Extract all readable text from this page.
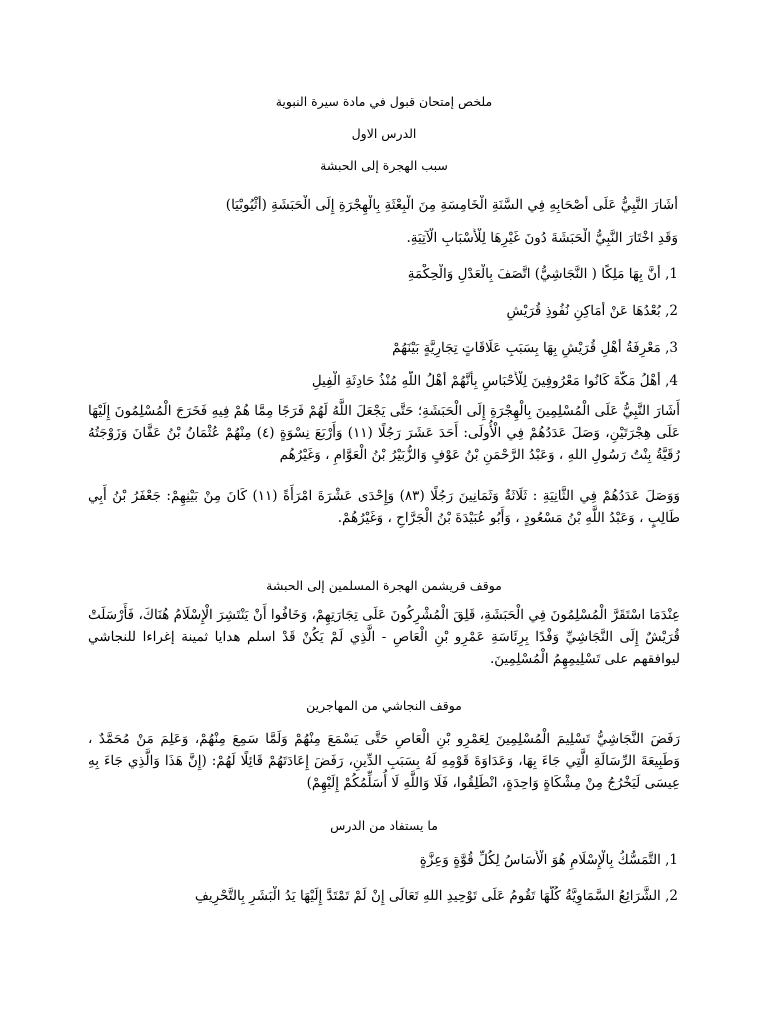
ملخص إمتحان قبول في مادة سيرة النبوية
الدرس الاول
سبب الهجرة إلى الحبشة
أَشَارَ النَّبِيُّ عَلَى أَصْحَابِهِ فِي السَّنَةِ الْخَامِسَةِ مِنَ الْبِعْثَةِ بِالْهِجْرَةِ إِلَى الْحَبَشَةِ (أَثْيُوبْيَا)
وَقَدِ اخْتَارَ النَّبِيُّ الْحَبَشَةَ دُونَ غَيْرِهَا لِلْأَسْبَابِ الْآتِيَةِ.
1, أَنَّ بِهَا مَلِكًا ( النَّجَاشِيُّ) اتَّصَفَ بِالْعَدْلِ وَالْحِكْمَةِ
2, بُعْدُهَا عَنْ أَمَاكِنِ نُفُوذِ قُرَيْشٍ
3, مَعْرِفَةُ أَهْلِ قُرَيْشٍ بِهَا بِسَبَبِ عَلَاقَاتٍ تِجَارِيَّةٍ بَيْنَهُمْ
4, أَهْلُ مَكَّةَ كَانُوا مَعْرُوفِينَ لِلْأَحْبَاسِ بِأَنَّهُمْ أَهْلُ اللَّهِ مُنْذُ حَادِثَةِ الْفِيلِ
أَشَارَ النَّبِيُّ عَلَى الْمُسْلِمِينَ بِالْهِجْرَةِ إِلَى الْحَبَشَةِ؛ حَتَّى يَجْعَلَ اللَّهُ لَهُمْ فَرَجًا مِمَّا هُمْ فِيهِ فَخَرَجَ الْمُسْلِمُونَ إِلَيْهَا عَلَى هِجْرَتَيْنِ، وَصَلَ عَدَدُهُمْ فِي الْأُولَى: أَحَدَ عَشَرَ رَجُلًا (١١) وَأَرْبَعَ نِسْوَةٍ (٤) مِنْهُمْ عُثْمَانُ بْنُ عَفَّانَ وَزَوْجَتُهُ رُقَيَّةُ بِنْتُ رَسُولِ اللهِ ، وَعَبْدُ الرَّحْمَنِ بْنُ عَوْفٍ وَالزُّبَيْرُ بْنُ الْعَوَّامِ ، وَغَيْرُهُم
وَوَصَلَ عَدَدُهُمْ فِي الثَّانِيَةِ : ثَلَاثَةٌ وَثَمَانِينَ رَجُلًا (٨٣) وَإِحْدَى عَشْرَةَ امْرَأَةً (١١) كَانَ مِنْ بَيْنِهِمْ: جَعْفَرُ بْنُ أَبِي طَالِبٍ ، وَعَبْدُ اللَّهِ بْنُ مَسْعُودٍ ، وَأَبُو عُبَيْدَةَ بْنُ الْجَرَّاحِ ، وَغَيْرُهُمْ.
موقف قريشمن الهجرة المسلمين إلى الحبشة
عِنْدَمَا اسْتَقَرَّ الْمُسْلِمُونَ فِي الْحَبَشَةِ، قَلِقَ الْمُشْرِكُونَ عَلَى تِجَارَتِهِمْ، وَخَافُوا أَنْ يَنْتَشِرَ الْإِسْلَامُ هُنَاكَ، فَأَرْسَلَتْ قُرَيْشٌ إِلَى النَّجَاشِيِّ وَفْدًا بِرِئَاسَةِ عَمْرِو بْنِ الْعَاصِ - الَّذِي لَمْ يَكُنْ قَدْ اسلم هدايا ثمينة إغراءا للنجاشي ليوافقهم على تَسْلِيمِهِمُ الْمُسْلِمِينَ.
موقف النجاشي من المهاجرين
رَفَضَ النَّجَاشِيُّ تَسْلِيمَ الْمُسْلِمِينَ لِعَمْرِو بْنِ الْعَاصِ حَتَّى يَسْمَعَ مِنْهُمْ وَلَمَّا سَمِعَ مِنْهُمْ، وَعَلِمَ مَنْ مُحَمَّدٌ ، وَطَبِيعَةَ الرِّسَالَةِ الَّتِي جَاءَ بِهَا، وَعَدَاوَةَ قَوْمِهِ لَهُ بِسَبَبِ الدِّينِ، رَفَضَ إِعَادَتَهُمْ قَائِلًا لَهُمْ: (إِنَّ هَذَا وَالَّذِي جَاءَ بِهِ عِيسَى لَيَخْرُجُ مِنْ مِشْكَاةٍ وَاحِدَةٍ، انْطَلِقُوا، فَلَا وَاللَّهِ لَا أُسَلِّمُكُمْ إِلَيْهِمْ)
ما يستفاد من الدرس
1, التَّمَسُّكُ بِالْإِسْلَامِ هُوَ الْأَسَاسُ لِكُلِّ قُوَّةٍ وَعِزَّةٍ
2, الشَّرَائِعُ السَّمَاوِيَّةُ كُلُّهَا تَقُومُ عَلَى تَوْحِيدِ اللهِ تَعَالَى إِنْ لَمْ تَمْتَدَّ إِلَيْهَا يَدُ الْبَشَرِ بِالتَّحْرِيفِ
